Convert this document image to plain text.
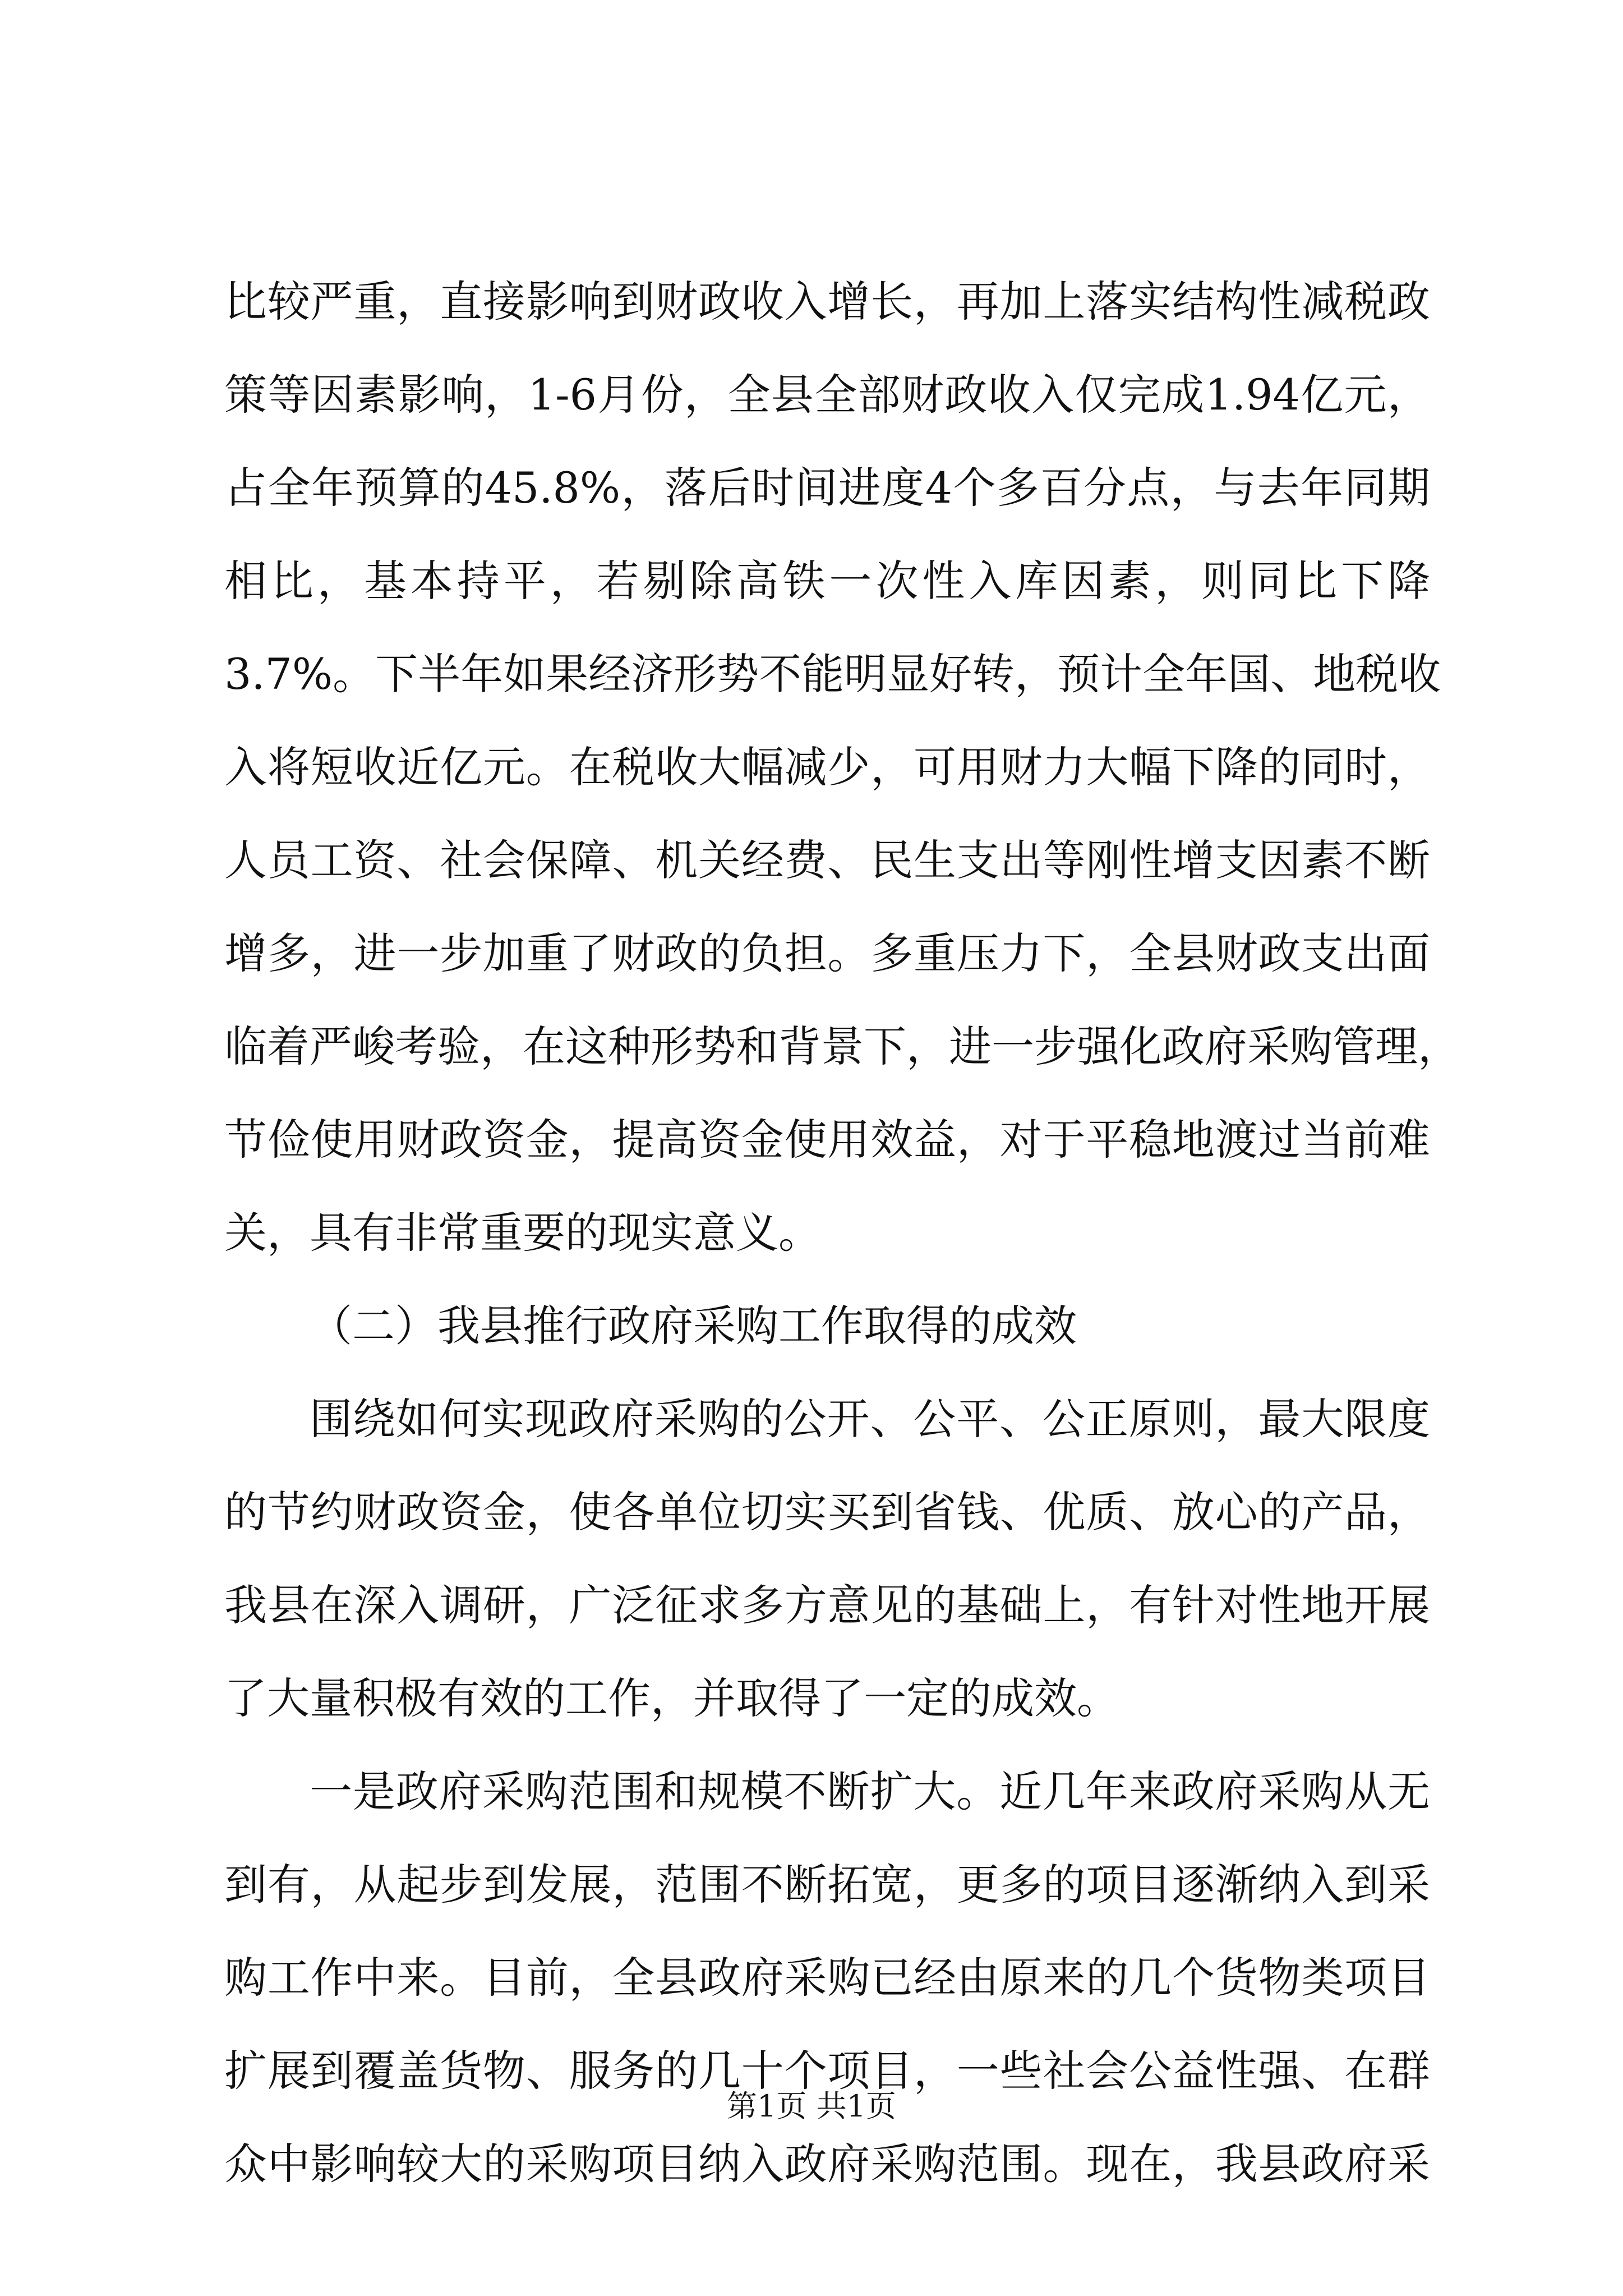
比较严重，直接影响到财政收入增长，再加上落实结构性减税政
策等因素影响，1-6月份，全县全部财政收入仅完成1.94亿元，
占全年预算的45.8%，落后时间进度4个多百分点，与去年同期
相比，基本持平，若剔除高铁一次性入库因素，则同比下降
3.7%。下半年如果经济形势不能明显好转，预计全年国、地税收
入将短收近亿元。在税收大幅减少，可用财力大幅下降的同时，
人员工资、社会保障、机关经费、民生支出等刚性增支因素不断
增多，进一步加重了财政的负担。多重压力下，全县财政支出面
临着严峻考验，在这种形势和背景下，进一步强化政府采购管理，
节俭使用财政资金，提高资金使用效益，对于平稳地渡过当前难
关，具有非常重要的现实意义。
（二）我县推行政府采购工作取得的成效
围绕如何实现政府采购的公开、公平、公正原则，最大限度
的节约财政资金，使各单位切实买到省钱、优质、放心的产品，
我县在深入调研，广泛征求多方意见的基础上，有针对性地开展
了大量积极有效的工作，并取得了一定的成效。
一是政府采购范围和规模不断扩大。近几年来政府采购从无
到有，从起步到发展，范围不断拓宽，更多的项目逐渐纳入到采
购工作中来。目前，全县政府采购已经由原来的几个货物类项目
扩展到覆盖货物、服务的几十个项目，一些社会公益性强、在群
众中影响较大的采购项目纳入政府采购范围。现在，我县政府采
第1页 共1页
